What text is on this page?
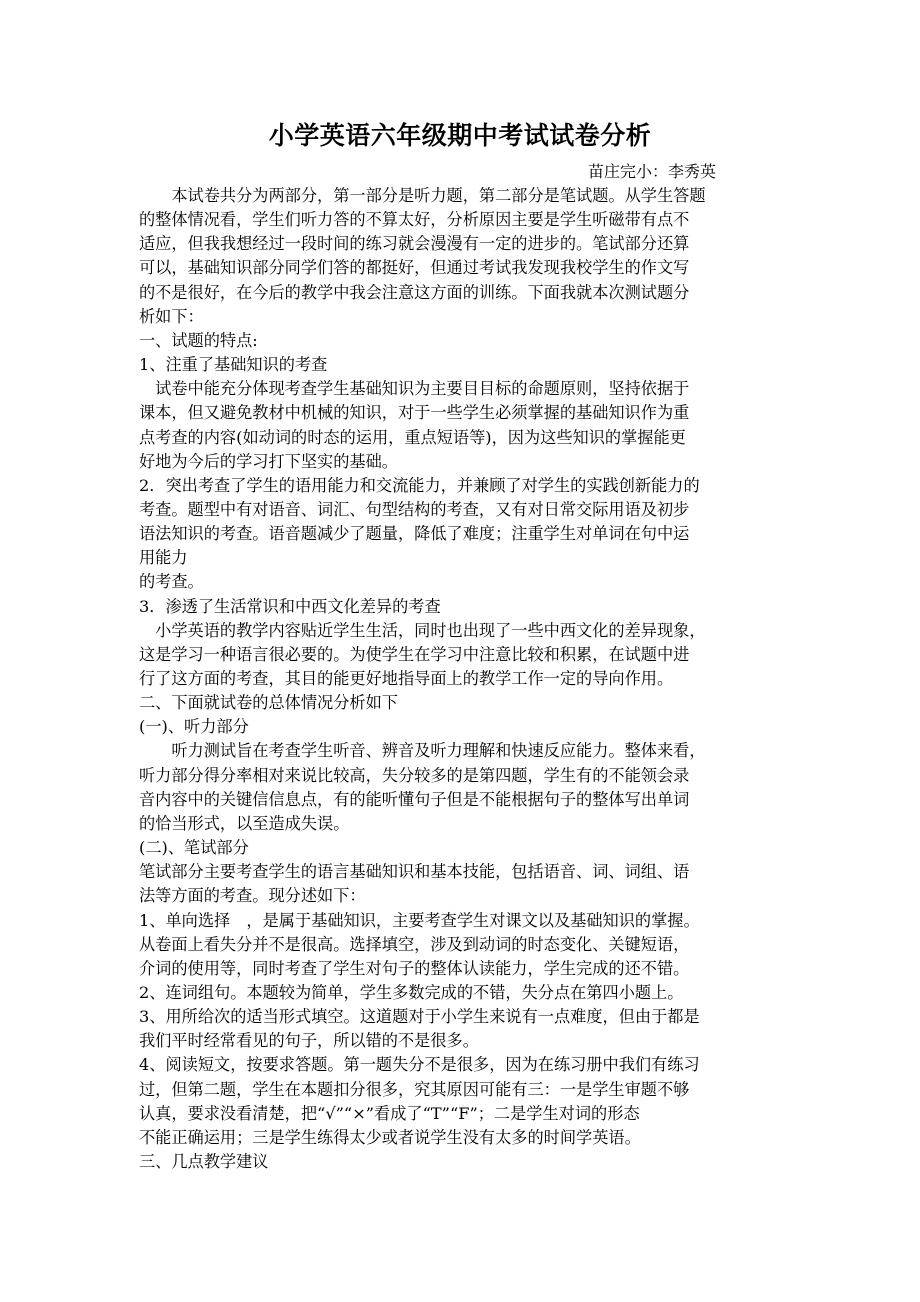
小学英语六年级期中考试试卷分析
苗庄完小：李秀英
　　本试卷共分为两部分，第一部分是听力题，第二部分是笔试题。从学生答题
的整体情况看，学生们听力答的不算太好，分析原因主要是学生听磁带有点不
适应，但我我想经过一段时间的练习就会漫漫有一定的进步的。笔试部分还算
可以，基础知识部分同学们答的都挺好，但通过考试我发现我校学生的作文写
的不是很好，在今后的教学中我会注意这方面的训练。下面我就本次测试题分
析如下：
一、试题的特点:
1、注重了基础知识的考查
　试卷中能充分体现考查学生基础知识为主要目目标的命题原则，坚持依据于
课本，但又避免教材中机械的知识，对于一些学生必须掌握的基础知识作为重
点考查的内容(如动词的时态的运用，重点短语等)，因为这些知识的掌握能更
好地为今后的学习打下坚实的基础。
2．突出考查了学生的语用能力和交流能力，并兼顾了对学生的实践创新能力的
考查。题型中有对语音、词汇、句型结构的考查，又有对日常交际用语及初步
语法知识的考查。语音题减少了题量，降低了难度；注重学生对单词在句中运
用能力
的考查。
3．渗透了生活常识和中西文化差异的考查
　小学英语的教学内容贴近学生生活，同时也出现了一些中西文化的差异现象，
这是学习一种语言很必要的。为使学生在学习中注意比较和积累，在试题中进
行了这方面的考查，其目的能更好地指导面上的教学工作一定的导向作用。
二、下面就试卷的总体情况分析如下
(一)、听力部分
　　听力测试旨在考查学生听音、辨音及听力理解和快速反应能力。整体来看，
听力部分得分率相对来说比较高，失分较多的是第四题，学生有的不能领会录
音内容中的关键信信息点，有的能听懂句子但是不能根据句子的整体写出单词
的恰当形式，以至造成失误。
(二)、笔试部分
笔试部分主要考查学生的语言基础知识和基本技能，包括语音、词、词组、语
法等方面的考查。现分述如下：
1、单向选择　，是属于基础知识，主要考查学生对课文以及基础知识的掌握。
从卷面上看失分并不是很高。选择填空，涉及到动词的时态变化、关键短语，
介词的使用等，同时考查了学生对句子的整体认读能力，学生完成的还不错。
2、连词组句。本题较为简单，学生多数完成的不错，失分点在第四小题上。
3、用所给次的适当形式填空。这道题对于小学生来说有一点难度，但由于都是
我们平时经常看见的句子，所以错的不是很多。
4、阅读短文，按要求答题。第一题失分不是很多，因为在练习册中我们有练习
过，但第二题，学生在本题扣分很多，究其原因可能有三：一是学生审题不够
认真，要求没看清楚，把“√”“×”看成了“T”“F”；二是学生对词的形态
不能正确运用；三是学生练得太少或者说学生没有太多的时间学英语。
三、几点教学建议
